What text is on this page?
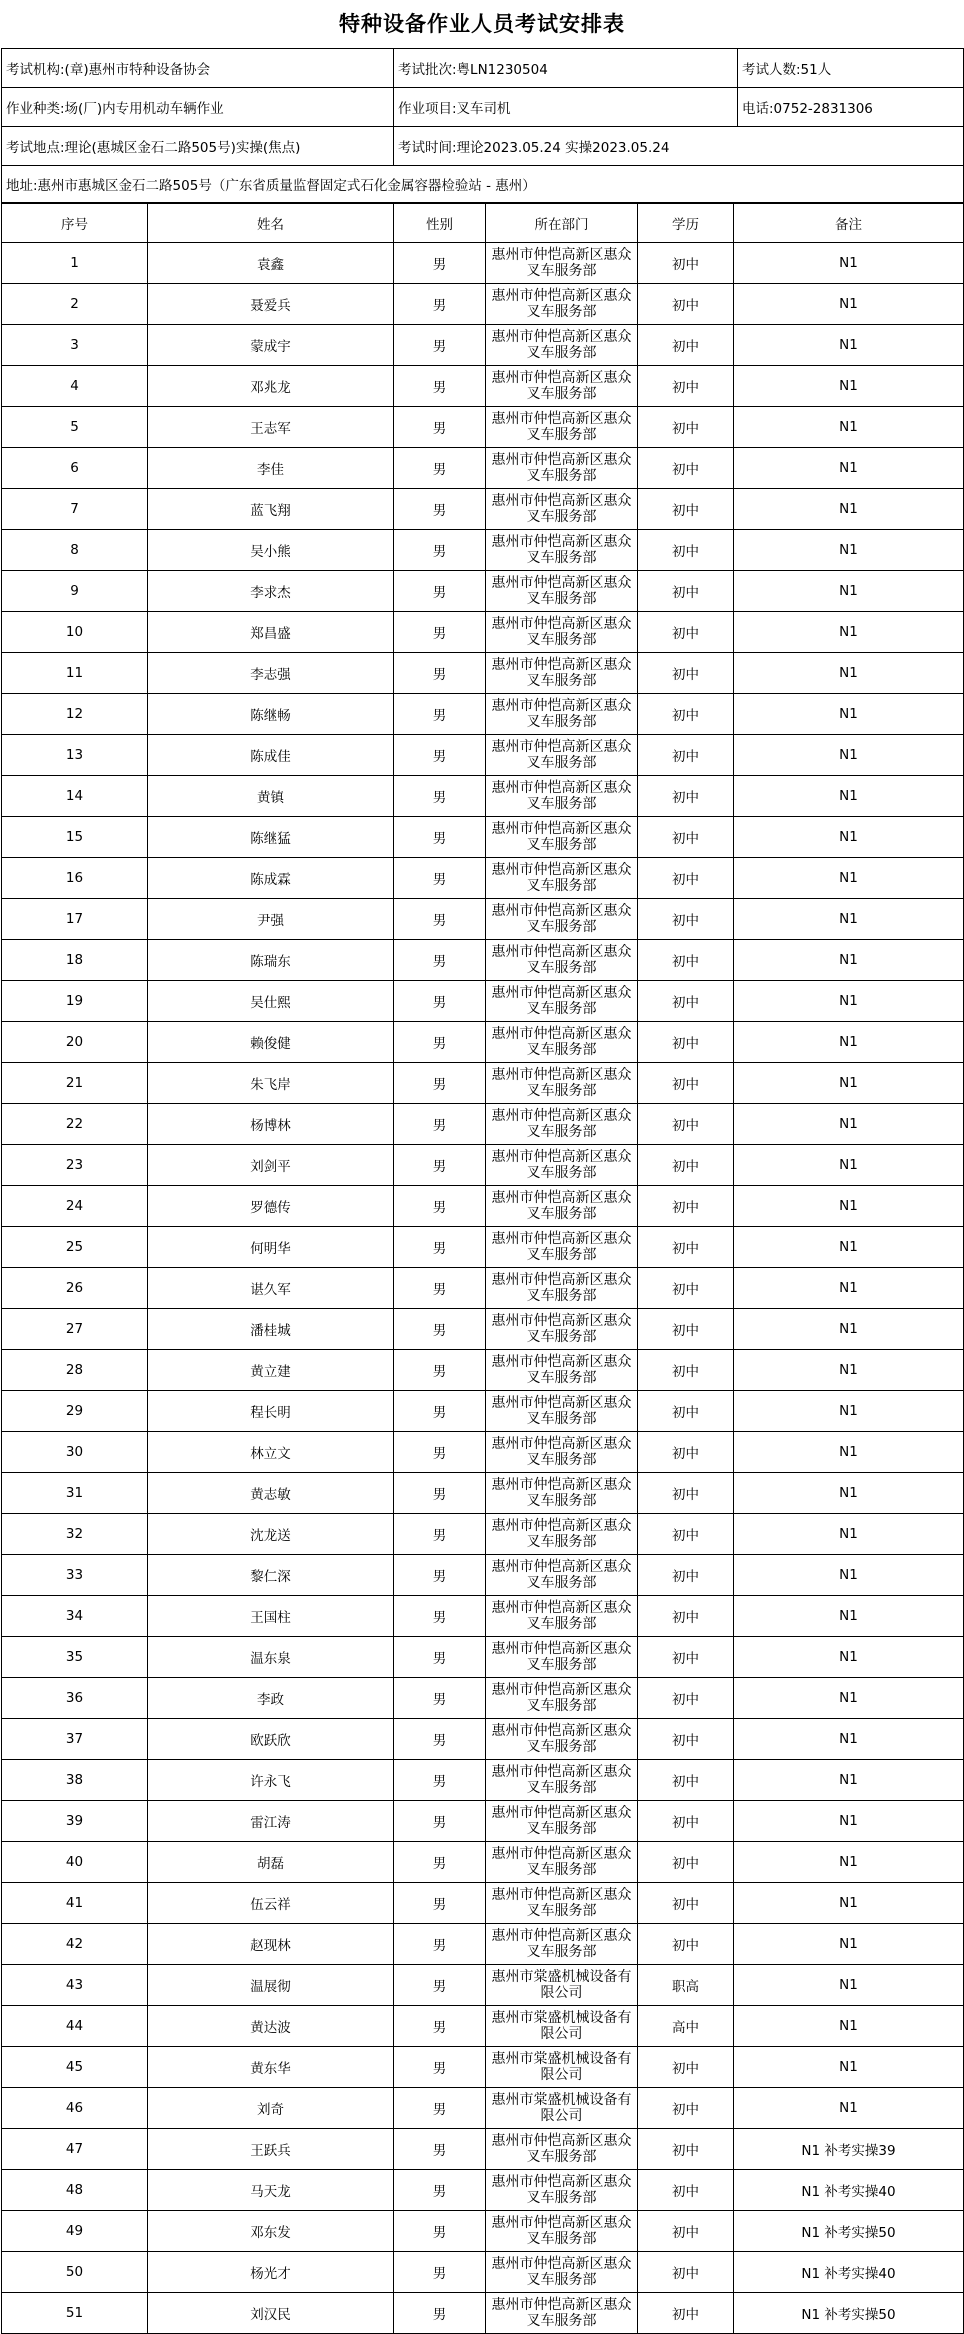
特种设备作业人员考试安排表
考试机构:(章)惠州市特种设备协会	考试批次:粤LN1230504	考试人数:51人
作业种类:场(厂)内专用机动车辆作业	作业项目:叉车司机	电话:0752-2831306
考试地点:理论(惠城区金石二路505号)实操(焦点)	考试时间:理论2023.05.24 实操2023.05.24	
地址:惠州市惠城区金石二路505号（广东省质量监督固定式石化金属容器检验站 - 惠州）		
序号	姓名	性别	所在部门	学历	备注
1	袁鑫	男	惠州市仲恺高新区惠众叉车服务部	初中	N1
2	聂爱兵	男	惠州市仲恺高新区惠众叉车服务部	初中	N1
3	蒙成宇	男	惠州市仲恺高新区惠众叉车服务部	初中	N1
4	邓兆龙	男	惠州市仲恺高新区惠众叉车服务部	初中	N1
5	王志军	男	惠州市仲恺高新区惠众叉车服务部	初中	N1
6	李佳	男	惠州市仲恺高新区惠众叉车服务部	初中	N1
7	蓝飞翔	男	惠州市仲恺高新区惠众叉车服务部	初中	N1
8	吴小熊	男	惠州市仲恺高新区惠众叉车服务部	初中	N1
9	李求杰	男	惠州市仲恺高新区惠众叉车服务部	初中	N1
10	郑昌盛	男	惠州市仲恺高新区惠众叉车服务部	初中	N1
11	李志强	男	惠州市仲恺高新区惠众叉车服务部	初中	N1
12	陈继畅	男	惠州市仲恺高新区惠众叉车服务部	初中	N1
13	陈成佳	男	惠州市仲恺高新区惠众叉车服务部	初中	N1
14	黄镇	男	惠州市仲恺高新区惠众叉车服务部	初中	N1
15	陈继猛	男	惠州市仲恺高新区惠众叉车服务部	初中	N1
16	陈成霖	男	惠州市仲恺高新区惠众叉车服务部	初中	N1
17	尹强	男	惠州市仲恺高新区惠众叉车服务部	初中	N1
18	陈瑞东	男	惠州市仲恺高新区惠众叉车服务部	初中	N1
19	吴仕熙	男	惠州市仲恺高新区惠众叉车服务部	初中	N1
20	赖俊健	男	惠州市仲恺高新区惠众叉车服务部	初中	N1
21	朱飞岸	男	惠州市仲恺高新区惠众叉车服务部	初中	N1
22	杨博林	男	惠州市仲恺高新区惠众叉车服务部	初中	N1
23	刘剑平	男	惠州市仲恺高新区惠众叉车服务部	初中	N1
24	罗德传	男	惠州市仲恺高新区惠众叉车服务部	初中	N1
25	何明华	男	惠州市仲恺高新区惠众叉车服务部	初中	N1
26	谌久军	男	惠州市仲恺高新区惠众叉车服务部	初中	N1
27	潘桂城	男	惠州市仲恺高新区惠众叉车服务部	初中	N1
28	黄立建	男	惠州市仲恺高新区惠众叉车服务部	初中	N1
29	程长明	男	惠州市仲恺高新区惠众叉车服务部	初中	N1
30	林立文	男	惠州市仲恺高新区惠众叉车服务部	初中	N1
31	黄志敏	男	惠州市仲恺高新区惠众叉车服务部	初中	N1
32	沈龙送	男	惠州市仲恺高新区惠众叉车服务部	初中	N1
33	黎仁深	男	惠州市仲恺高新区惠众叉车服务部	初中	N1
34	王国柱	男	惠州市仲恺高新区惠众叉车服务部	初中	N1
35	温东泉	男	惠州市仲恺高新区惠众叉车服务部	初中	N1
36	李政	男	惠州市仲恺高新区惠众叉车服务部	初中	N1
37	欧跃欣	男	惠州市仲恺高新区惠众叉车服务部	初中	N1
38	许永飞	男	惠州市仲恺高新区惠众叉车服务部	初中	N1
39	雷江涛	男	惠州市仲恺高新区惠众叉车服务部	初中	N1
40	胡磊	男	惠州市仲恺高新区惠众叉车服务部	初中	N1
41	伍云祥	男	惠州市仲恺高新区惠众叉车服务部	初中	N1
42	赵现林	男	惠州市仲恺高新区惠众叉车服务部	初中	N1
43	温展彻	男	惠州市棠盛机械设备有限公司	职高	N1
44	黄达波	男	惠州市棠盛机械设备有限公司	高中	N1
45	黄东华	男	惠州市棠盛机械设备有限公司	初中	N1
46	刘奇	男	惠州市棠盛机械设备有限公司	初中	N1
47	王跃兵	男	惠州市仲恺高新区惠众叉车服务部	初中	N1 补考实操39
48	马天龙	男	惠州市仲恺高新区惠众叉车服务部	初中	N1 补考实操40
49	邓东发	男	惠州市仲恺高新区惠众叉车服务部	初中	N1 补考实操50
50	杨光才	男	惠州市仲恺高新区惠众叉车服务部	初中	N1 补考实操40
51	刘汉民	男	惠州市仲恺高新区惠众叉车服务部	初中	N1 补考实操50
